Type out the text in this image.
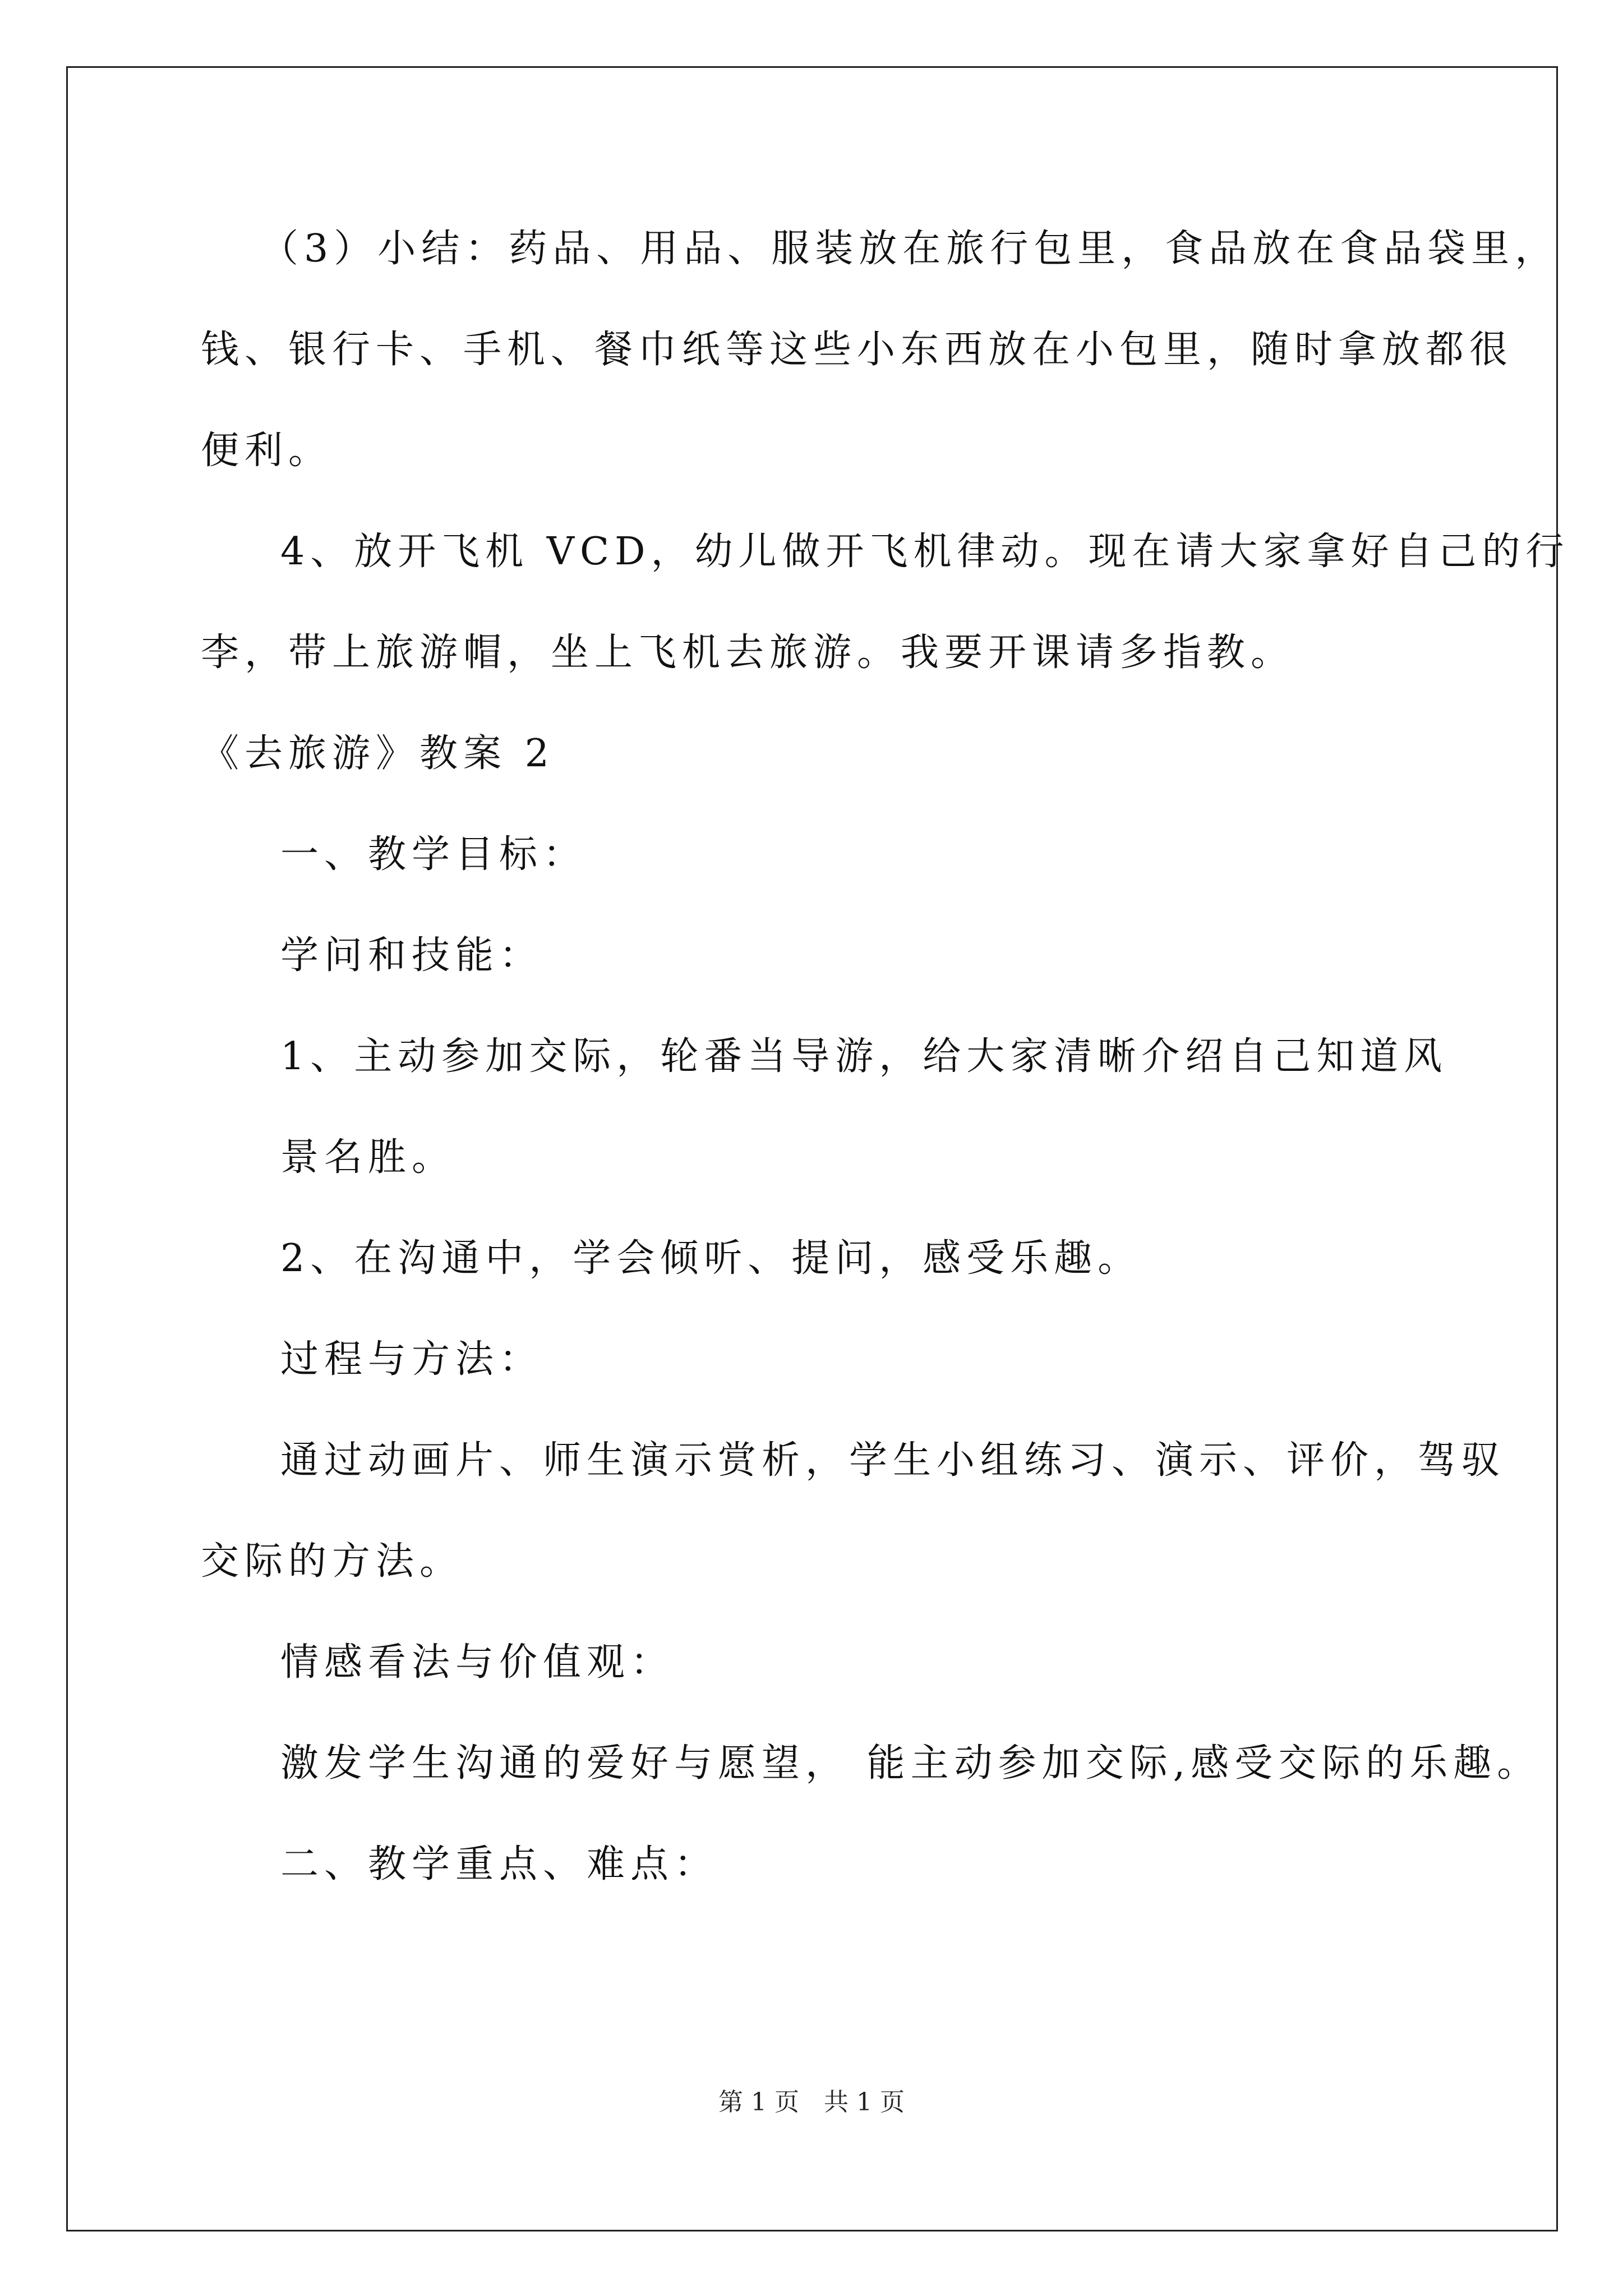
（3）小结：药品、用品、服装放在旅行包里，食品放在食品袋里，
钱、银行卡、手机、餐巾纸等这些小东西放在小包里，随时拿放都很
便利。
4、放开飞机 VCD，幼儿做开飞机律动。现在请大家拿好自己的行
李，带上旅游帽，坐上飞机去旅游。我要开课请多指教。
《去旅游》教案 2
一、教学目标：
学问和技能：
1、主动参加交际，轮番当导游，给大家清晰介绍自己知道风
景名胜。
2、在沟通中，学会倾听、提问，感受乐趣。
过程与方法：
通过动画片、师生演示赏析，学生小组练习、演示、评价，驾驭
交际的方法。
情感看法与价值观：
激发学生沟通的爱好与愿望， 能主动参加交际,感受交际的乐趣。
二、教学重点、难点：
第 1 页　共 1 页
